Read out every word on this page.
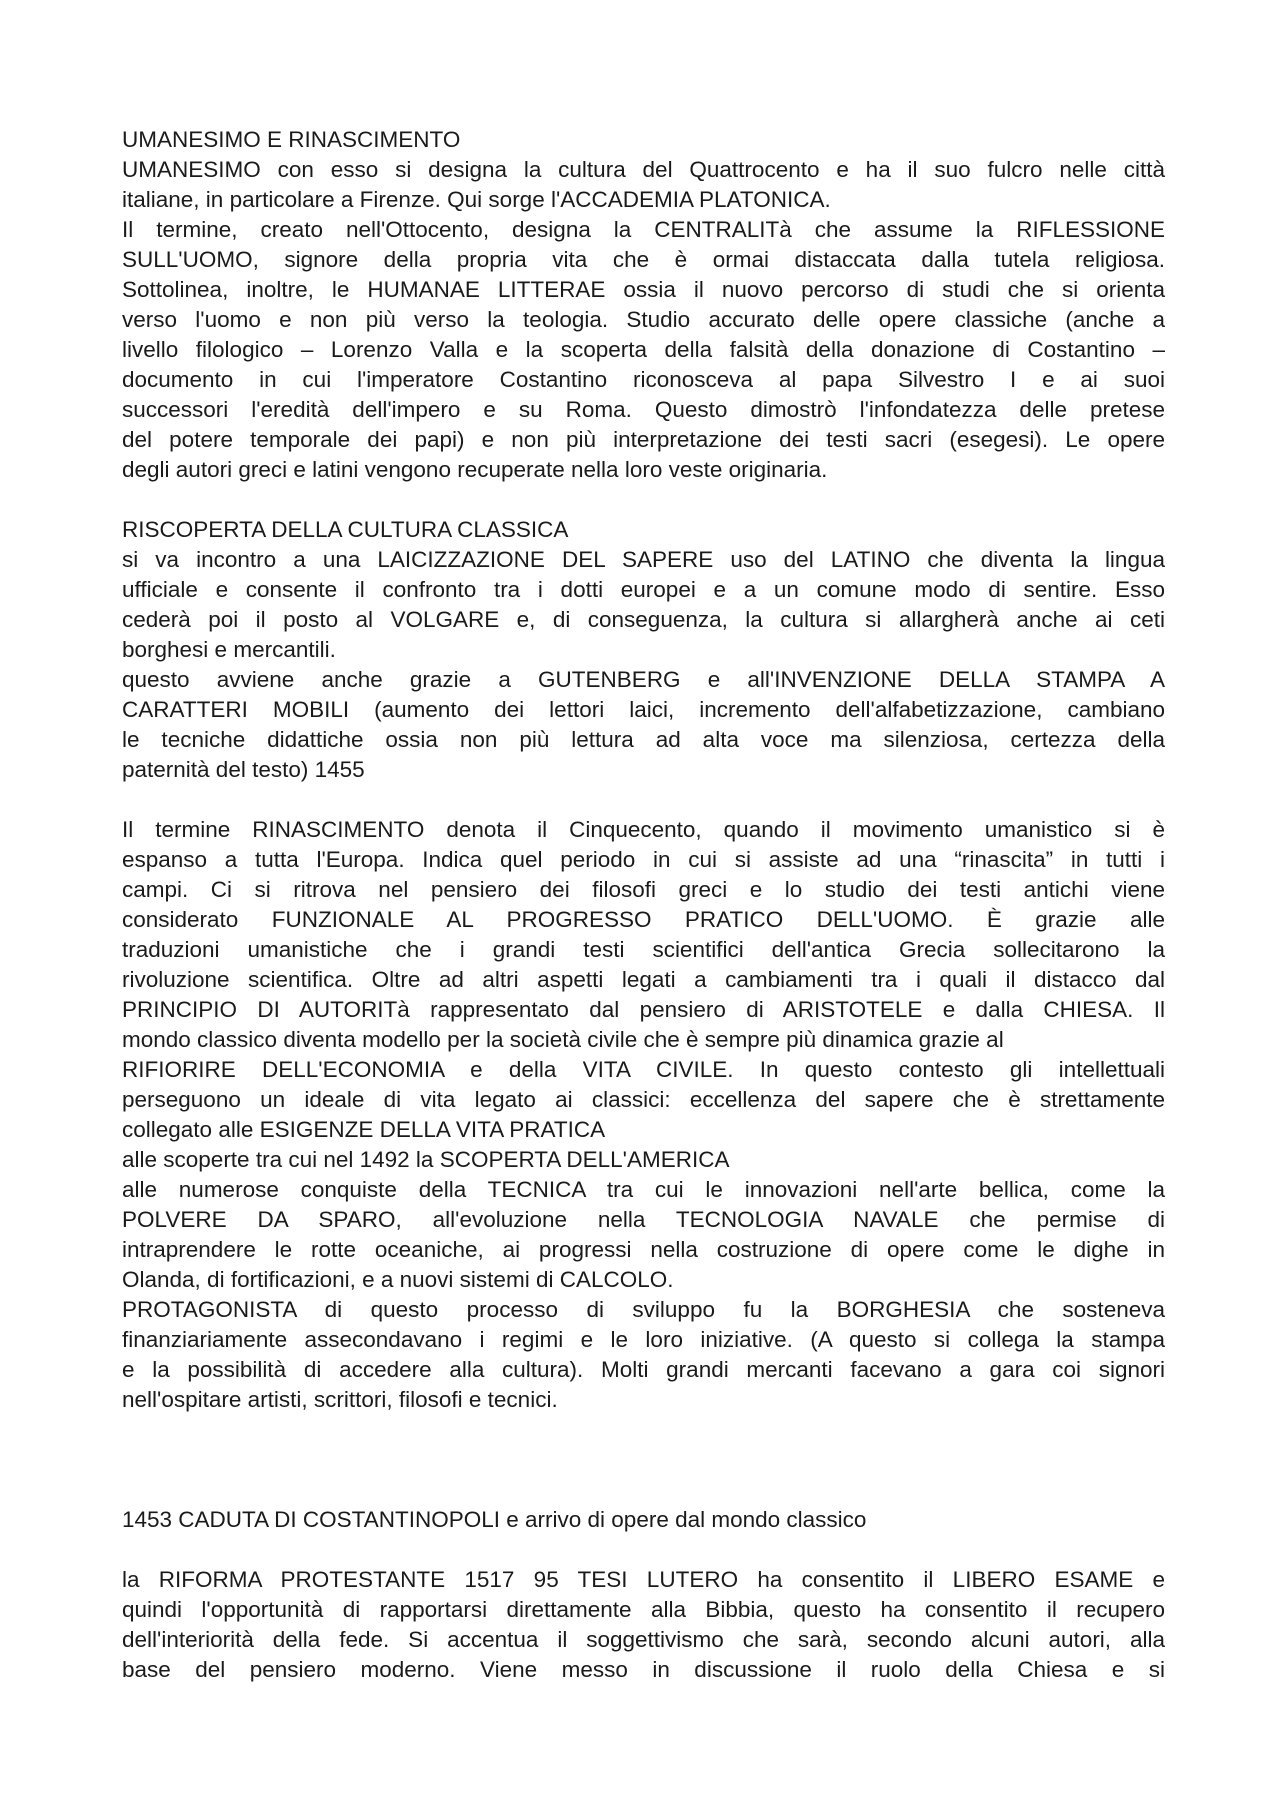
UMANESIMO E RINASCIMENTO

UMANESIMO con esso si designa la cultura del Quattrocento e ha il suo fulcro nelle città

italiane, in particolare a Firenze. Qui sorge l'ACCADEMIA PLATONICA.

Il termine, creato nell'Ottocento, designa la CENTRALITà che assume la RIFLESSIONE

SULL'UOMO, signore della propria vita che è ormai distaccata dalla tutela religiosa.

Sottolinea, inoltre, le HUMANAE LITTERAE ossia il nuovo percorso di studi che si orienta

verso l'uomo e non più verso la teologia. Studio accurato delle opere classiche (anche a

livello filologico – Lorenzo Valla e la scoperta della falsità della donazione di Costantino –

documento in cui l'imperatore Costantino riconosceva al papa Silvestro I e ai suoi

successori l'eredità dell'impero e su Roma. Questo dimostrò l'infondatezza delle pretese

del potere temporale dei papi) e non più interpretazione dei testi sacri (esegesi). Le opere

degli autori greci e latini vengono recuperate nella loro veste originaria.

RISCOPERTA DELLA CULTURA CLASSICA

si va incontro a una LAICIZZAZIONE DEL SAPERE uso del LATINO che diventa la lingua

ufficiale e consente il confronto tra i dotti europei e a un comune modo di sentire. Esso

cederà poi il posto al VOLGARE e, di conseguenza, la cultura si allargherà anche ai ceti

borghesi e mercantili.

questo avviene anche grazie a GUTENBERG e all'INVENZIONE DELLA STAMPA A

CARATTERI MOBILI (aumento dei lettori laici, incremento dell'alfabetizzazione, cambiano

le tecniche didattiche ossia non più lettura ad alta voce ma silenziosa, certezza della

paternità del testo) 1455

Il termine RINASCIMENTO denota il Cinquecento, quando il movimento umanistico si è

espanso a tutta l'Europa. Indica quel periodo in cui si assiste ad una “rinascita” in tutti i

campi. Ci si ritrova nel pensiero dei filosofi greci e lo studio dei testi antichi viene

considerato FUNZIONALE AL PROGRESSO PRATICO DELL'UOMO. È grazie alle

traduzioni umanistiche che i grandi testi scientifici dell'antica Grecia sollecitarono la

rivoluzione scientifica. Oltre ad altri aspetti legati a cambiamenti tra i quali il distacco dal

PRINCIPIO DI AUTORITà rappresentato dal pensiero di ARISTOTELE e dalla CHIESA. Il

mondo classico diventa modello per la società civile che è sempre più dinamica grazie al

RIFIORIRE DELL'ECONOMIA e della VITA CIVILE. In questo contesto gli intellettuali

perseguono un ideale di vita legato ai classici: eccellenza del sapere che è strettamente

collegato alle ESIGENZE DELLA VITA PRATICA

alle scoperte tra cui nel 1492 la SCOPERTA DELL'AMERICA

alle numerose conquiste della TECNICA tra cui le innovazioni nell'arte bellica, come la

POLVERE DA SPARO, all'evoluzione nella TECNOLOGIA NAVALE che permise di

intraprendere le rotte oceaniche, ai progressi nella costruzione di opere come le dighe in

Olanda, di fortificazioni, e a nuovi sistemi di CALCOLO.

PROTAGONISTA di questo processo di sviluppo fu la BORGHESIA che sosteneva

finanziariamente assecondavano i regimi e le loro iniziative. (A questo si collega la stampa

e la possibilità di accedere alla cultura). Molti grandi mercanti facevano a gara coi signori

nell'ospitare artisti, scrittori, filosofi e tecnici.

1453 CADUTA DI COSTANTINOPOLI e arrivo di opere dal mondo classico

la RIFORMA PROTESTANTE 1517 95 TESI LUTERO ha consentito il LIBERO ESAME e

quindi l'opportunità di rapportarsi direttamente alla Bibbia, questo ha consentito il recupero

dell'interiorità della fede. Si accentua il soggettivismo che sarà, secondo alcuni autori, alla

base del pensiero moderno. Viene messo in discussione il ruolo della Chiesa e si
